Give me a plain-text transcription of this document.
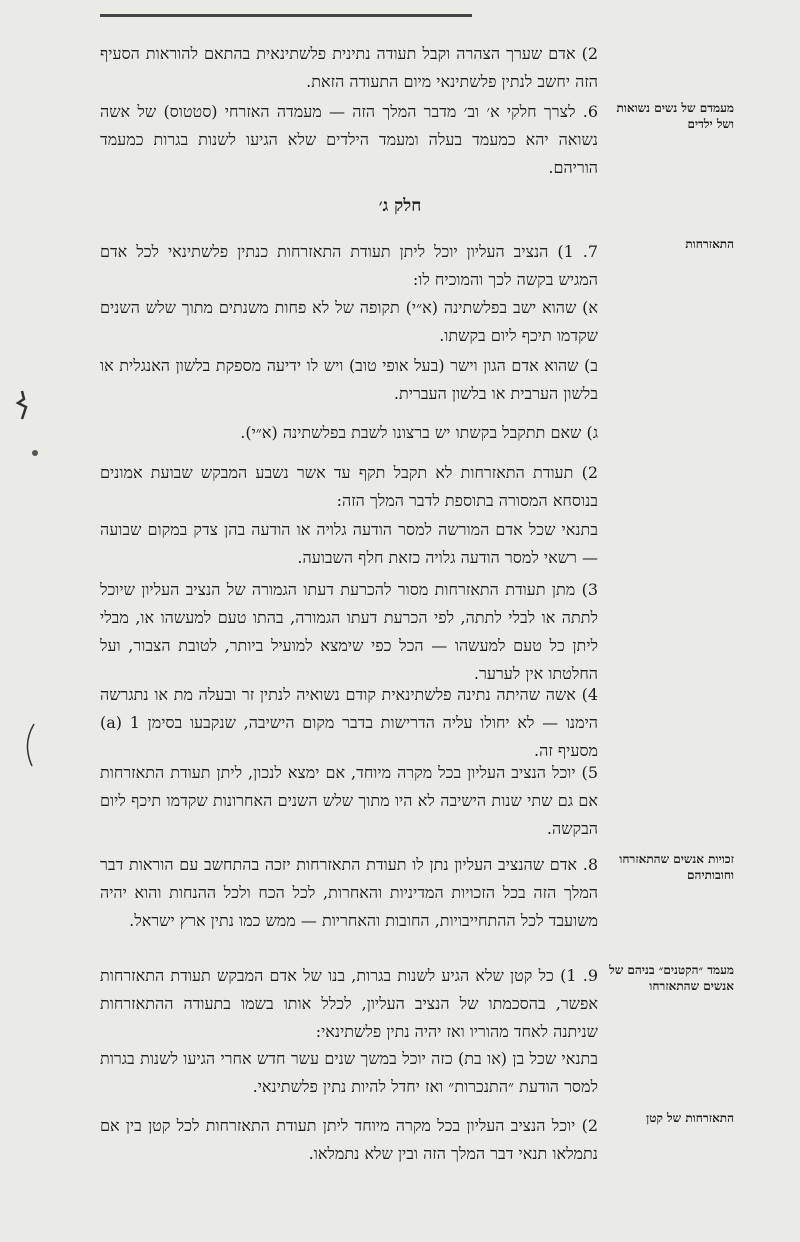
2) אדם שערך הצהרה וקבל תעודה נתינית פלשתינאית בהתאם להוראות הסעיף הזה יחשב לנתין פלשתינאי מיום התעודה הזאת.
6. לצרך חלקי א׳ וב׳ מדבר המלך הזה — מעמדה האזרחי (סטטוס) של אשה נשואה יהא כמעמד בעלה ומעמד הילדים שלא הגיעו לשנות בגרות כמעמד הוריהם.
חלק ג׳
7. 1) הנציב העליון יוכל ליתן תעודת התאזרחות כנתין פלשתינאי לכל אדם המגיש בקשה לכך והמוכיח לו:
א) שהוא ישב בפלשתינה (א״י) תקופה של לא פחות משנתים מתוך שלש השנים שקדמו תיכף ליום בקשתו.
ב) שהוא אדם הגון וישר (בעל אופי טוב) ויש לו ידיעה מספקת בלשון האנגלית או בלשון הערבית או בלשון העברית.
ג) שאם תתקבל בקשתו יש ברצונו לשבת בפלשתינה (א״י).
2) תעודת התאזרחות לא תקבל תקף עד אשר נשבע המבקש שבועת אמונים בנוסחא המסורה בתוספת לדבר המלך הזה:
בתנאי שכל אדם המורשה למסר הודעה גלויה או הודעה בהן צדק במקום שבועה — רשאי למסר הודעה גלויה כזאת חלף השבועה.
3) מתן תעודת התאזרחות מסור להכרעת דעתו הגמורה של הנציב העליון שיוכל לתתה או לבלי לתתה, לפי הכרעת דעתו הגמורה, בהתו טעם למעשהו או, מבלי ליתן כל טעם למעשהו — הכל כפי שימצא למועיל ביותר, לטובת הצבור, ועל החלטתו אין לערער.
4) אשה שהיתה נתינה פלשתינאית קודם נשואיה לנתין זר ובעלה מת או נתגרשה הימנו — לא יחולו עליה הדרישות בדבר מקום הישיבה, שנקבעו בסימן 1 (a) מסעיף זה.
5) יוכל הנציב העליון בכל מקרה מיוחד, אם ימצא לנכון, ליתן תעודת התאזרחות אם גם שתי שנות הישיבה לא היו מתוך שלש השנים האחרונות שקדמו תיכף ליום הבקשה.
8. אדם שהנציב העליון נתן לו תעודת התאזרחות יזכה בהתחשב עם הוראות דבר המלך הזה בכל הזכויות המדיניות והאחרות, לכל הכח ולכל ההנחות והוא יהיה משועבד לכל ההתחייבויות, החובות והאחריות — ממש כמו נתין ארץ ישראל.
9. 1) כל קטן שלא הגיע לשנות בגרות, בנו של אדם המבקש תעודת התאזרחות אפשר, בהסכמתו של הנציב העליון, לכלל אותו בשמו בתעודה ההתאזרחות שניתנה לאחד מהוריו ואז יהיה נתין פלשתינאי:
בתנאי שכל בן (או בת) כזה יוכל במשך שנים עשר חדש אחרי הגיעו לשנות בגרות למסר הודעת ״התנכרות״ ואז יחדל להיות נתין פלשתינאי.
2) יוכל הנציב העליון בכל מקרה מיוחד ליתן תעודת התאזרחות לכל קטן בין אם נתמלאו תנאי דבר המלך הזה ובין שלא נתמלאו.
מעמדם של נשים נשואות ושל ילדים
התאזרחות
זכויות אנשים שהתאזרחו וחובותיהם
מעמד ״הקטנים״ בניהם של אנשים שהתאזרחו
התאזרחות של קטן
